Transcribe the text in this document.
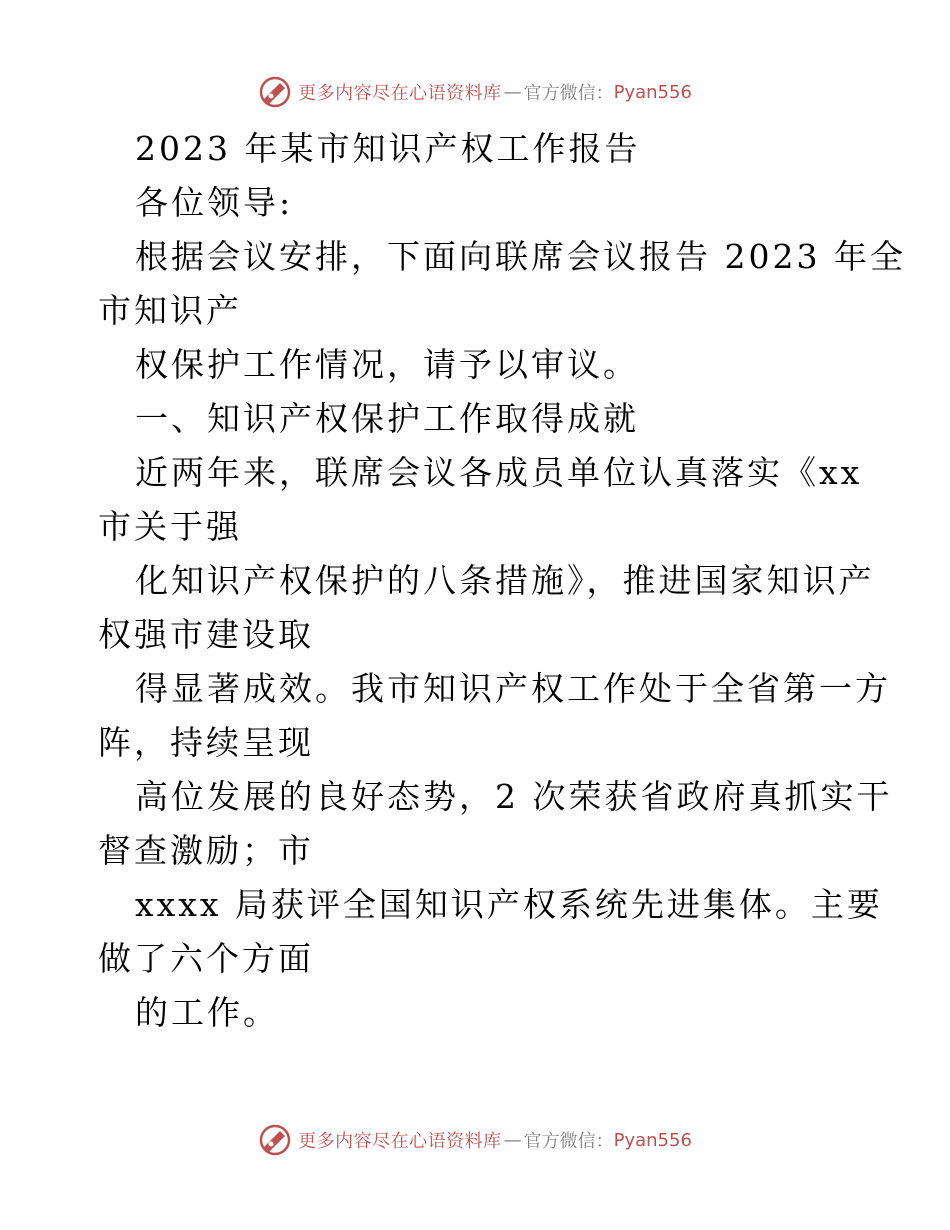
更多内容尽在心语资料库 — 官方微信： Pyan556
2023 年某市知识产权工作报告
各位领导:
根据会议安排，下面向联席会议报告 2023 年全
市知识产
权保护工作情况，请予以审议。
一、知识产权保护工作取得成就
近两年来，联席会议各成员单位认真落实《xx
市关于强
化知识产权保护的八条措施》，推进国家知识产
权强市建设取
得显著成效。我市知识产权工作处于全省第一方
阵，持续呈现
高位发展的良好态势，2 次荣获省政府真抓实干
督查激励；市
xxxx 局获评全国知识产权系统先进集体。主要
做了六个方面
的工作。
更多内容尽在心语资料库 — 官方微信： Pyan556
